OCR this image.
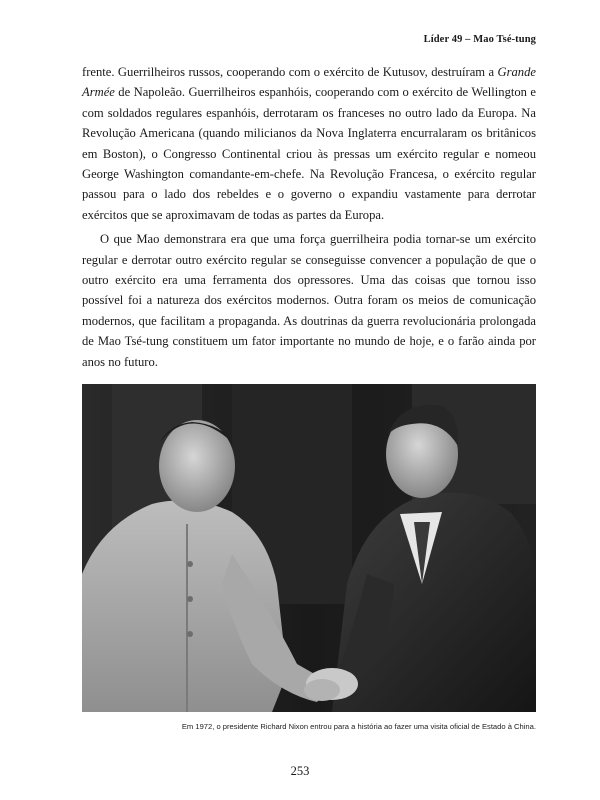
Líder 49 – Mao Tsé-tung

frente. Guerrilheiros russos, cooperando com o exército de Kutusov, destruíram a Grande Armée de Napoleão. Guerrilheiros espanhóis, cooperando com o exército de Wellington e com soldados regulares espanhóis, derrotaram os franceses no outro lado da Europa. Na Revolução Americana (quando milicianos da Nova Inglaterra encurralaram os britânicos em Boston), o Congresso Continental criou às pressas um exército regular e nomeou George Washington comandante-em-chefe. Na Revolução Francesa, o exército regular passou para o lado dos rebeldes e o governo o expandiu vastamente para derrotar exércitos que se aproximavam de todas as partes da Europa.

O que Mao demonstrara era que uma força guerrilheira podia tornar-se um exército regular e derrotar outro exército regular se conseguisse convencer a população de que o outro exército era uma ferramenta dos opressores. Uma das coisas que tornou isso possível foi a natureza dos exércitos modernos. Outra foram os meios de comunicação modernos, que facilitam a propaganda. As doutrinas da guerra revolucionária prolongada de Mao Tsé-tung constituem um fator importante no mundo de hoje, e o farão ainda por anos no futuro.

Em 1972, o presidente Richard Nixon entrou para a história ao fazer uma visita oficial de Estado à China.
253
